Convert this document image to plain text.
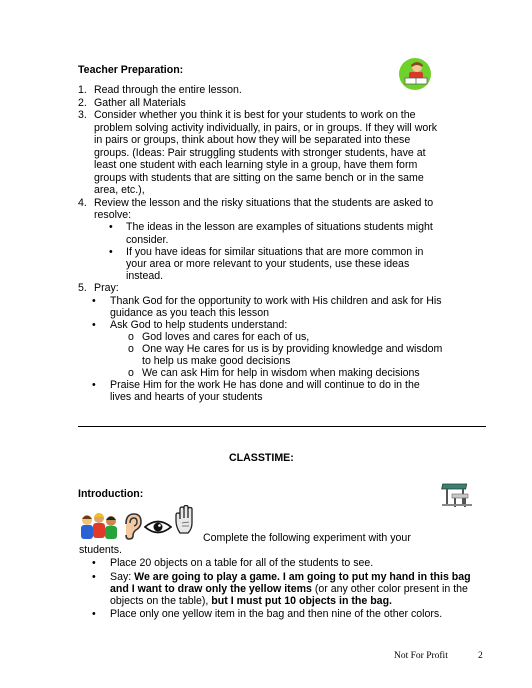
Teacher Preparation:
1. Read through the entire lesson.
2. Gather all Materials
3. Consider whether you think it is best for your students to work on the
problem solving activity individually, in pairs, or in groups. If they will work
in pairs or groups, think about how they will be separated into these
groups. (Ideas: Pair struggling students with stronger students, have at
least one student with each learning style in a group, have them form
groups with students that are sitting on the same bench or in the same
area, etc.),
4. Review the lesson and the risky situations that the students are asked to
resolve:
• The ideas in the lesson are examples of situations students might
consider.
• If you have ideas for similar situations that are more common in
your area or more relevant to your students, use these ideas
instead.
5. Pray:
• Thank God for the opportunity to work with His children and ask for His
guidance as you teach this lesson
• Ask God to help students understand:
o God loves and cares for each of us,
o One way He cares for us is by providing knowledge and wisdom
to help us make good decisions
o We can ask Him for help in wisdom when making decisions
• Praise Him for the work He has done and will continue to do in the
lives and hearts of your students
CLASSTIME:
Introduction:
Complete the following experiment with your
students.
• Place 20 objects on a table for all of the students to see.
• Say: We are going to play a game. I am going to put my hand in this bag
and I want to draw only the yellow items (or any other color present in the
objects on the table), but I must put 10 objects in the bag.
• Place only one yellow item in the bag and then nine of the other colors.
Not For Profit	2
